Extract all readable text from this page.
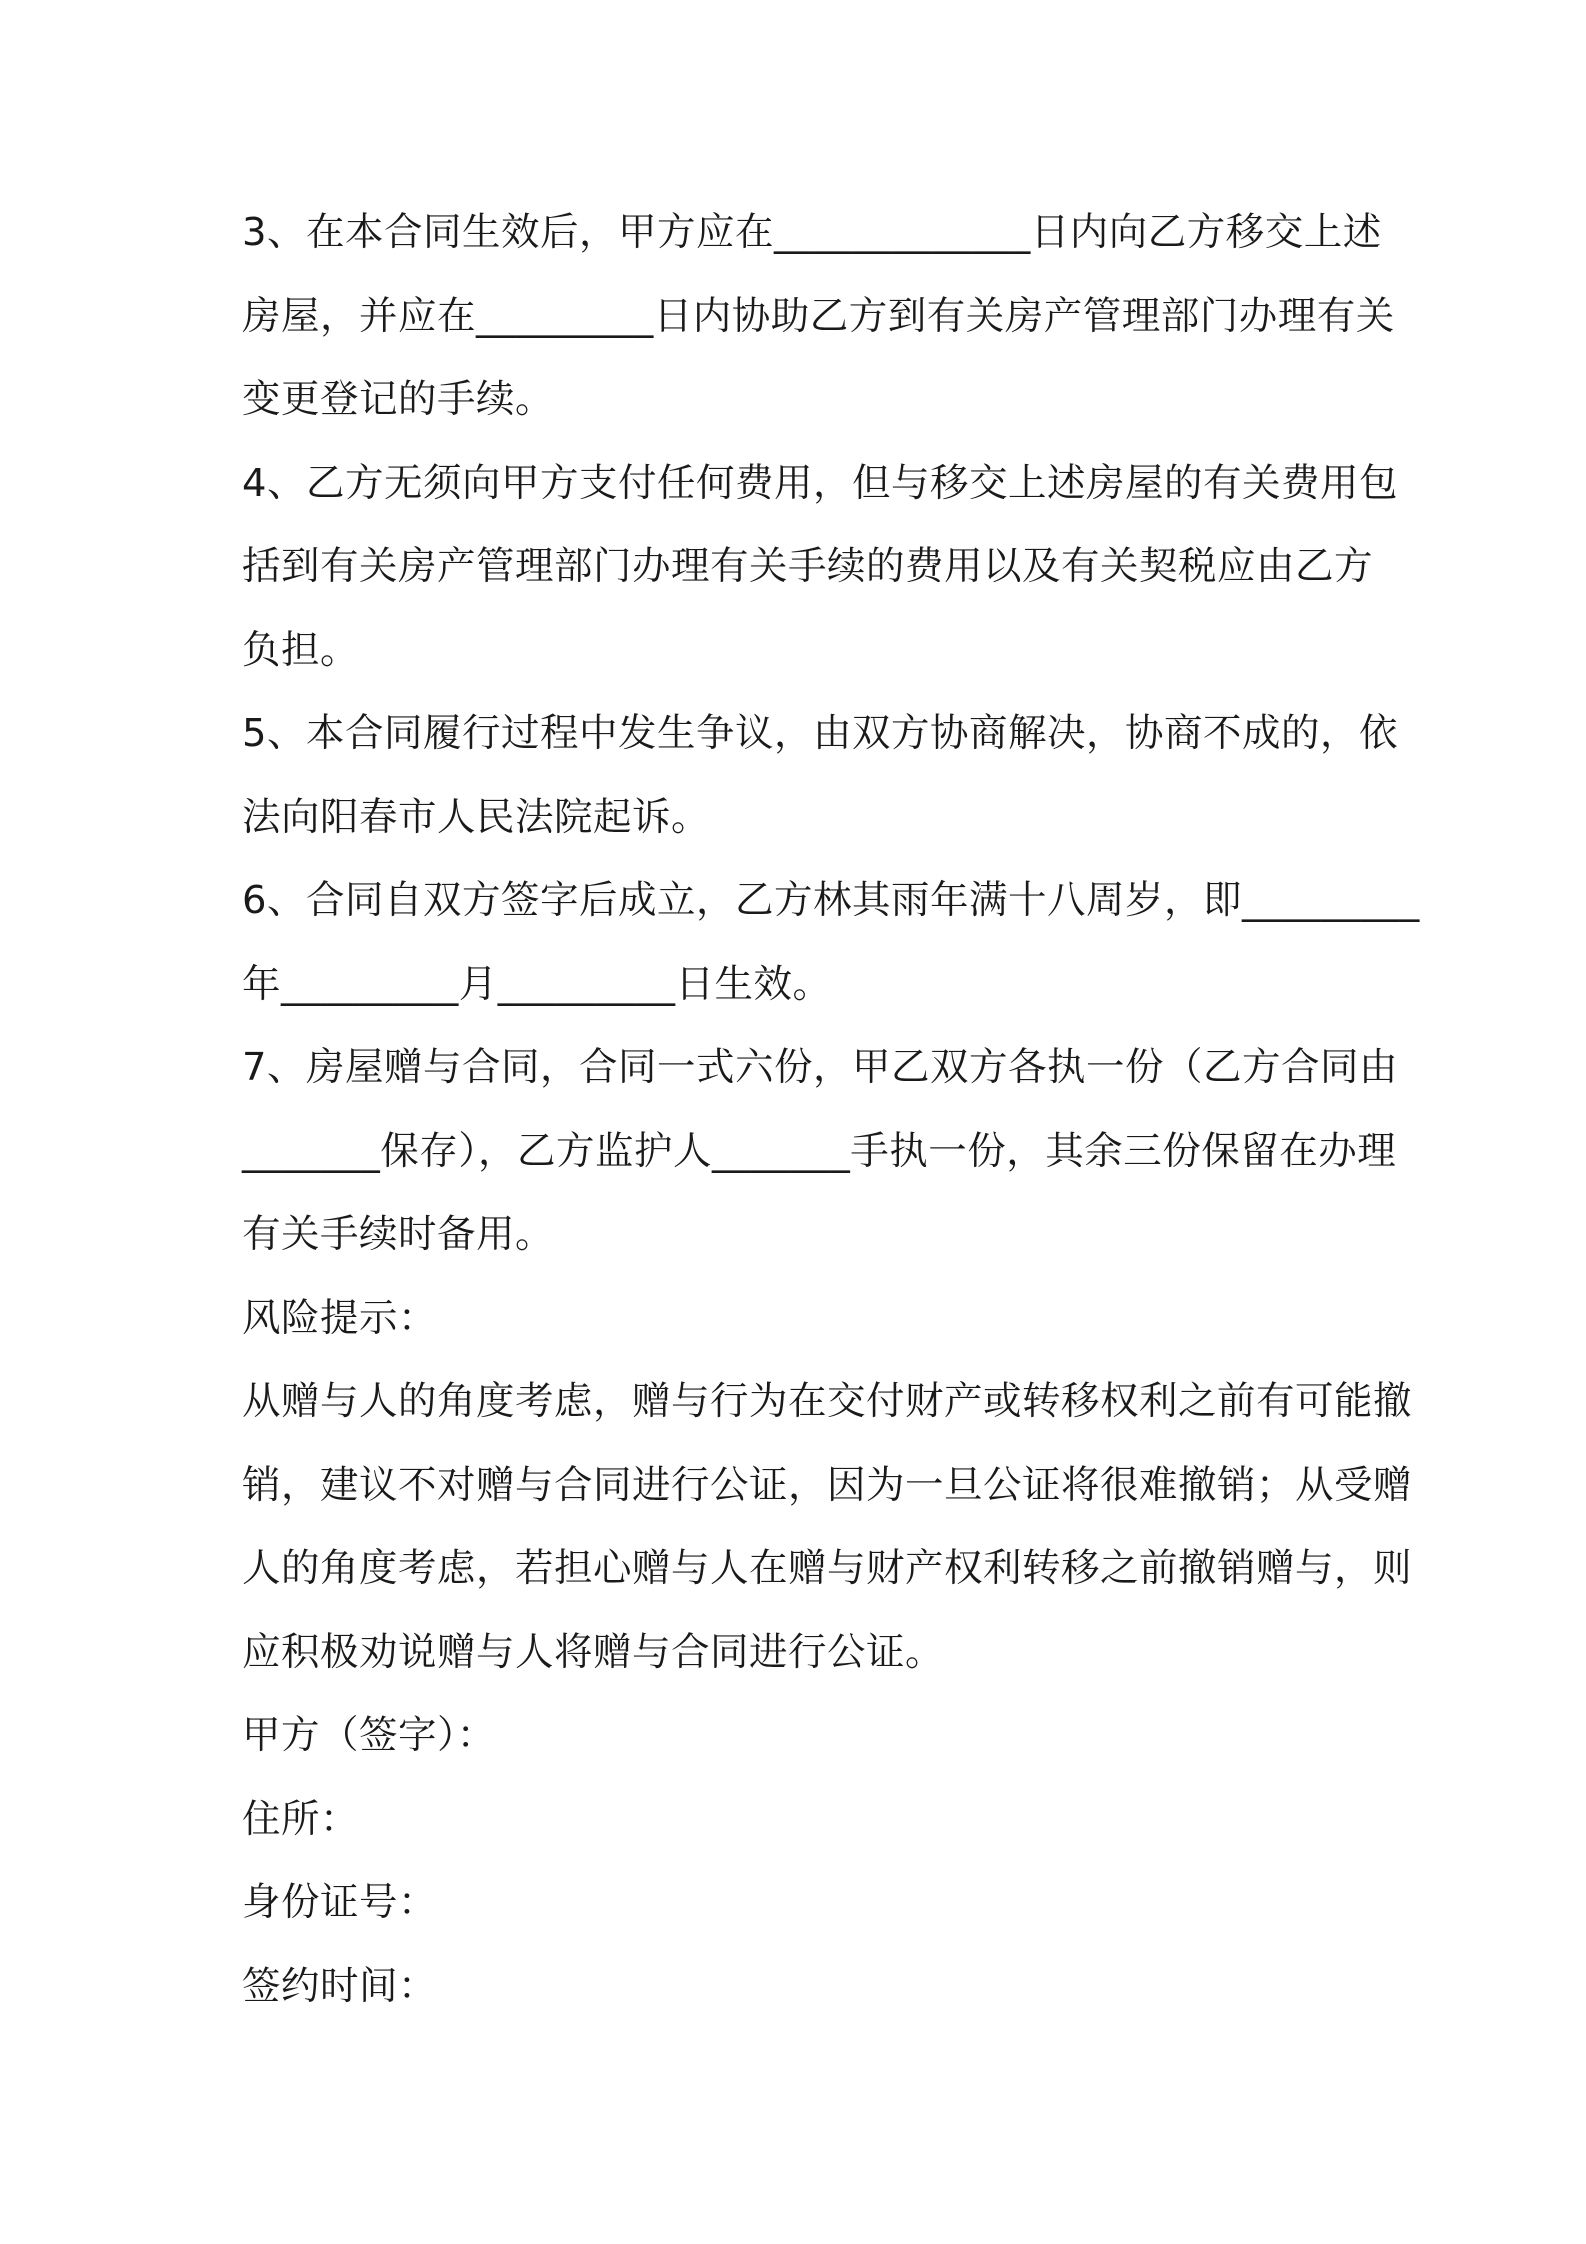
3、在本合同生效后，甲方应在_____________日内向乙方移交上述
房屋，并应在_________日内协助乙方到有关房产管理部门办理有关
变更登记的手续。
4、乙方无须向甲方支付任何费用，但与移交上述房屋的有关费用包
括到有关房产管理部门办理有关手续的费用以及有关契税应由乙方
负担。
5、本合同履行过程中发生争议，由双方协商解决，协商不成的，依
法向阳春市人民法院起诉。
6、合同自双方签字后成立，乙方林其雨年满十八周岁，即_________
年_________月_________日生效。
7、房屋赠与合同，合同一式六份，甲乙双方各执一份（乙方合同由
_______保存），乙方监护人_______手执一份，其余三份保留在办理
有关手续时备用。
风险提示：
从赠与人的角度考虑，赠与行为在交付财产或转移权利之前有可能撤
销，建议不对赠与合同进行公证，因为一旦公证将很难撤销；从受赠
人的角度考虑，若担心赠与人在赠与财产权利转移之前撤销赠与，则
应积极劝说赠与人将赠与合同进行公证。
甲方（签字）：
住所：
身份证号：
签约时间：
